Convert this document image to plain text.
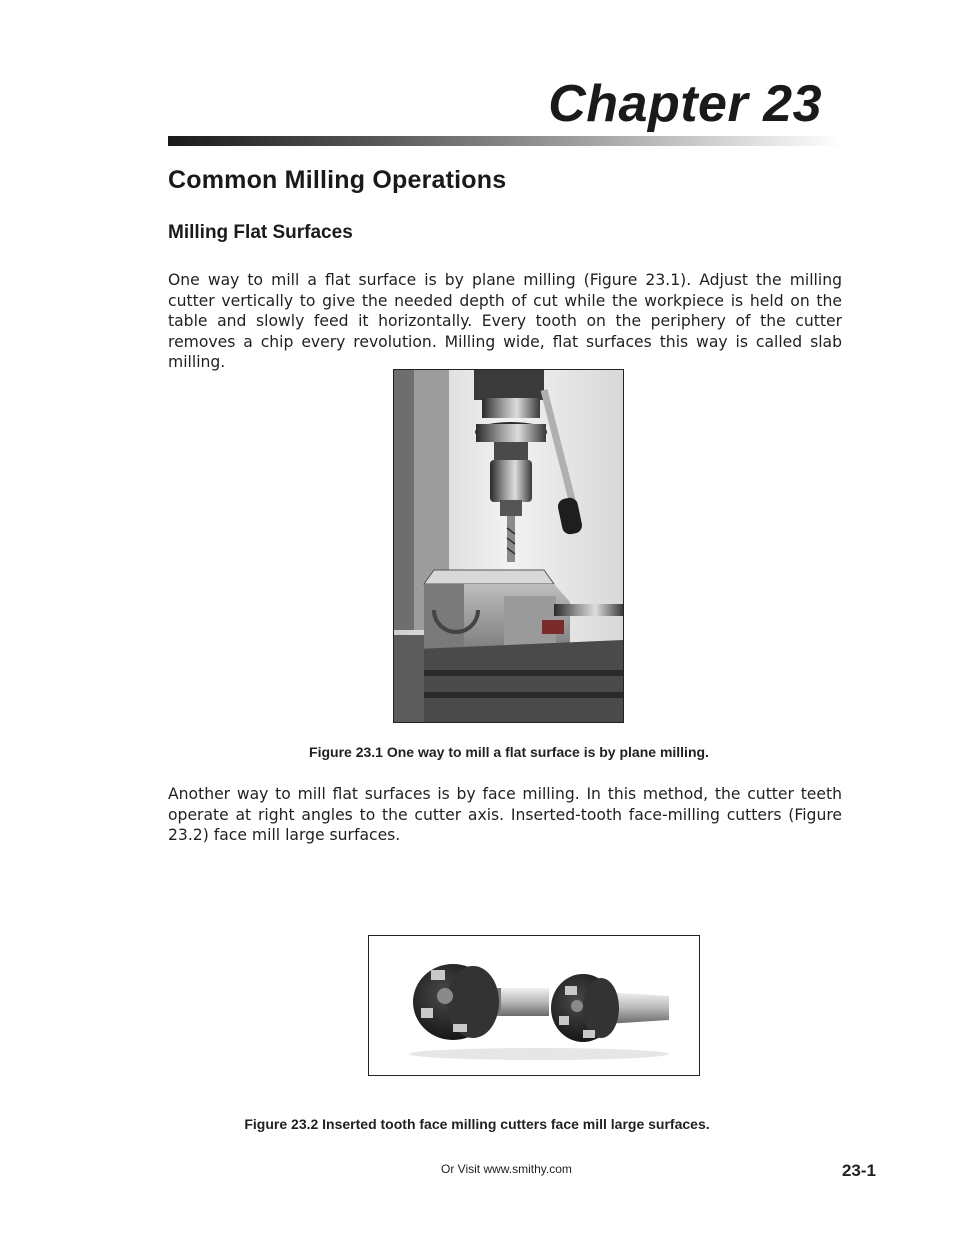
Chapter 23
Common Milling Operations
Milling Flat Surfaces

One way to mill a flat surface is by plane milling (Figure 23.1). Adjust the milling cutter vertically to give the needed depth of cut while the workpiece is held on the table and slowly feed it horizontally. Every tooth on the periphery of the cutter removes a chip every revolution. Milling wide, flat surfaces this way is called slab milling.

Figure 23.1 One way to mill a flat surface is by plane milling.

Another way to mill flat surfaces is by face milling. In this method, the cutter teeth operate at right angles to the cutter axis. Inserted-tooth face-milling cutters (Figure 23.2) face mill large surfaces.

Figure 23.2 Inserted tooth face milling cutters face mill large surfaces.

Or Visit www.smithy.com	23-1
